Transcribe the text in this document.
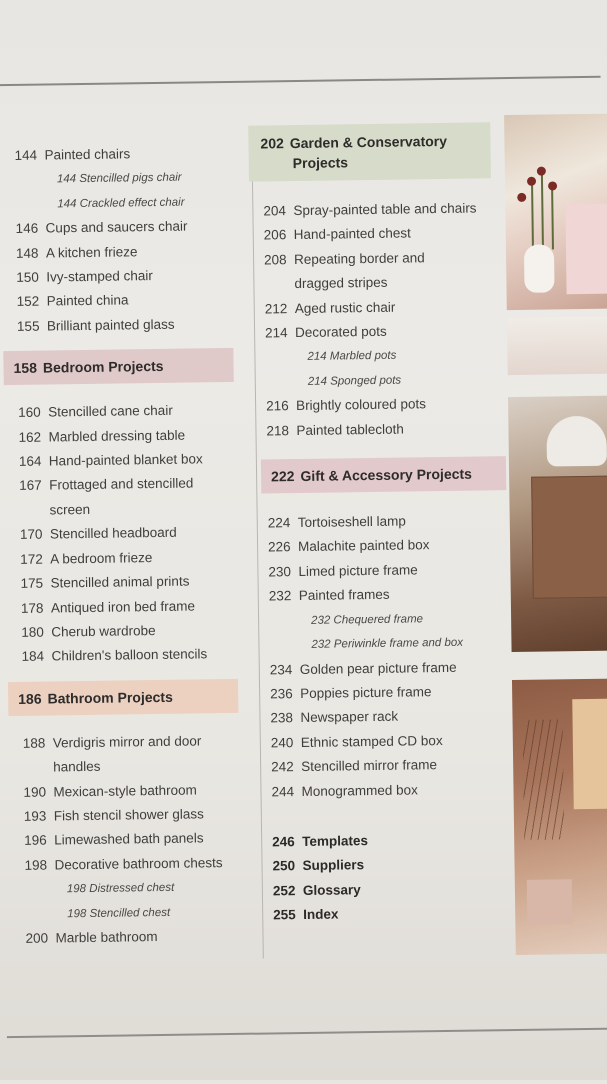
144 Painted chairs
144 Stencilled pigs chair
144 Crackled effect chair
146 Cups and saucers chair
148 A kitchen frieze
150 Ivy-stamped chair
152 Painted china
155 Brilliant painted glass
158 Bedroom Projects
160 Stencilled cane chair
162 Marbled dressing table
164 Hand-painted blanket box
167 Frottaged and stencilled
screen
170 Stencilled headboard
172 A bedroom frieze
175 Stencilled animal prints
178 Antiqued iron bed frame
180 Cherub wardrobe
184 Children's balloon stencils
186 Bathroom Projects
188 Verdigris mirror and door
handles
190 Mexican-style bathroom
193 Fish stencil shower glass
196 Limewashed bath panels
198 Decorative bathroom chests
198 Distressed chest
198 Stencilled chest
200 Marble bathroom
202 Garden & Conservatory
Projects
204 Spray-painted table and chairs
206 Hand-painted chest
208 Repeating border and
dragged stripes
212 Aged rustic chair
214 Decorated pots
214 Marbled pots
214 Sponged pots
216 Brightly coloured pots
218 Painted tablecloth
222 Gift & Accessory Projects
224 Tortoiseshell lamp
226 Malachite painted box
230 Limed picture frame
232 Painted frames
232 Chequered frame
232 Periwinkle frame and box
234 Golden pear picture frame
236 Poppies picture frame
238 Newspaper rack
240 Ethnic stamped CD box
242 Stencilled mirror frame
244 Monogrammed box
246 Templates
250 Suppliers
252 Glossary
255 Index
